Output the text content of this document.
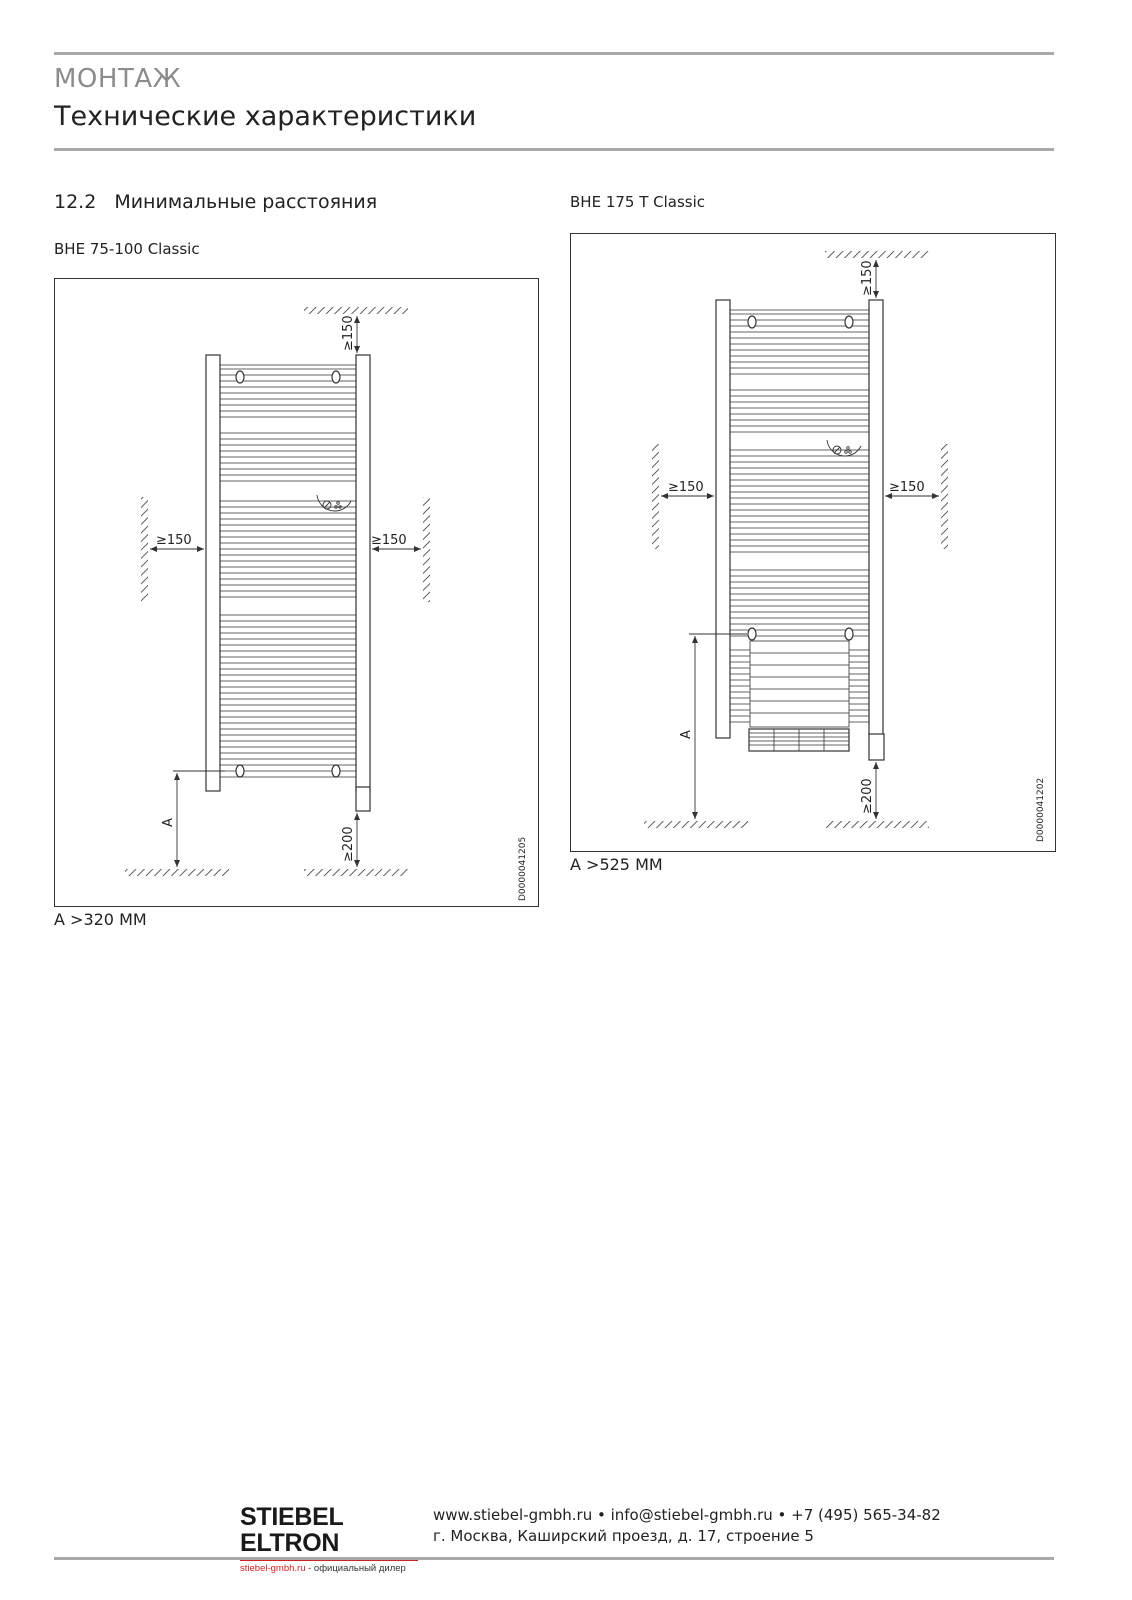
МОНТАЖ
Технические характеристики
12.2 Минимальные расстояния
BHE 75-100 Classic
≥150
≥150	≥150
≥200
A
D0000041205
A >320 MM
BHE 175 T Classic
≥150
≥150	≥150
≥200
A
D0000041202
A >525 MM
STIEBEL ELTRON
stiebel-gmbh.ru - официальный дилер
www.stiebel-gmbh.ru • info@stiebel-gmbh.ru • +7 (495) 565-34-82
г. Москва, Каширский проезд, д. 17, строение 5
